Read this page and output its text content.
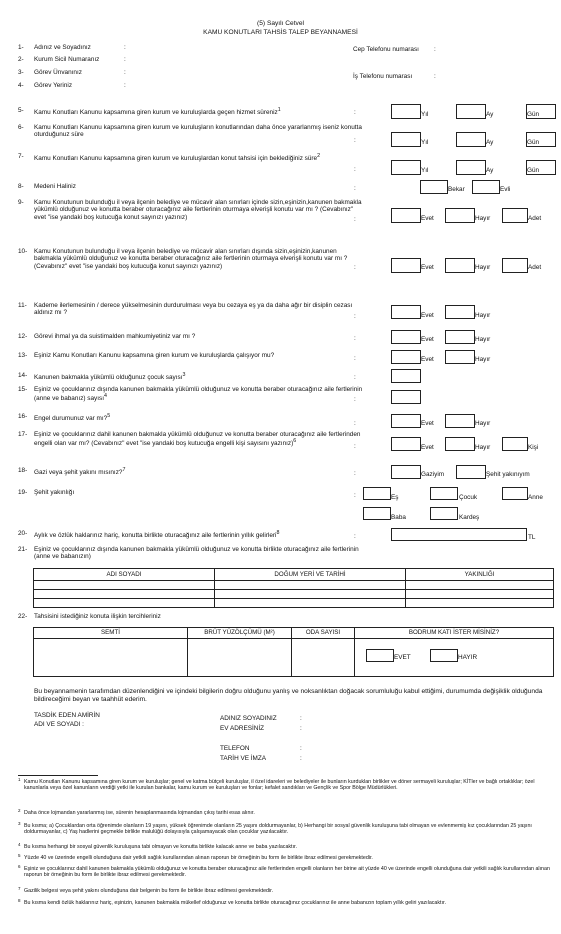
(5) Sayılı Cetvel
KAMU KONUTLARI TAHSİS TALEP BEYANNAMESİ
1- Adınız ve Soyadınız	:
2- Kurum Sicil Numaranız	:
3- Görev Ünvanınız	:
4- Görev Yeriniz	:
Cep Telefonu numarası :
İş Telefonu numarası	:
5- Kamu Konutları Kanunu kapsamına giren kurum ve kuruluşlarda geçen hizmet süreniz$^1$	:	Yıl	Ay	Gün
6- Kamu Konutları Kanunu kapsamına giren kurum ve kuruluşların konutlarından daha önce yararlanmış iseniz konutta oturduğunuz süre
:	Yıl	Ay	Gün
7- Kamu Konutları Kanunu kapsamına giren kurum ve kuruluşlardan konut tahsisi için beklediğiniz süre$^2$
:	Yıl	Ay	Gün
8- Medeni Haliniz	:	Bekar	Evli
9- Kamu Konutunun bulunduğu il veya ilçenin belediye ve mücavir alan sınırları içinde sizin,eşinizin,kanunen bakmakla yükümlü olduğunuz ve konutta beraber oturacağınız aile fertlerinin oturmaya elverişli konutu var mı ? (Cevabınız" evet "ise yandaki boş kutucuğa konut sayınızı yazınız)	:	Evet	Hayır	Adet
10- Kamu Konutunun bulunduğu il veya ilçenin belediye ve mücavir alan sınırları dışında sizin,eşinizin,kanunen bakmakla yükümlü olduğunuz ve konutta beraber oturacağınız aile fertlerinin oturmaya elverişli konutu var mı ? (Cevabınız" evet "ise yandaki boş kutucuğa konut sayınızı yazınız)	:	Evet	Hayır	Adet
11- Kademe ilerlemesinin / derece yükselmesinin durdurulması veya bu cezaya eş ya da daha ağır bir disiplin cezası aldınız mı ?
:	Evet	Hayır
12- Görevi ihmal ya da suistimalden mahkumiyetiniz var mı ?	:	Evet	Hayır
13- Eşiniz Kamu Konutları Kanunu kapsamına giren kurum ve kuruluşlarda çalışıyor mu?	:	Evet	Hayır
14- Kanunen bakmakla yükümlü olduğunuz çocuk sayısı$^3$	:
15- Eşiniz ve çocuklarınız dışında kanunen bakmakla yükümlü olduğunuz ve konutta beraber oturacağınız aile fertlerinin (anne ve babanız) sayısı$^4$	:
16- Engel durumunuz var mı?$^5$
:	Evet	Hayır
17- Eşiniz ve çocuklarınız dahil kanunen bakmakla yükümlü olduğunuz ve konutta beraber oturacağınız aile fertlerinden engelli olan var mı? (Cevabınız" evet "ise yandaki boş kutucuğa engelli kişi sayısını yazınız)$^6$
:	Evet	Hayır	Kişi
18- Gazi veya şehit yakını mısınız?$^7$	:	Gaziyim	Şehit yakınıyım
19- Şehit yakınlığı	:	Eş	Çocuk	Anne
Baba	Kardeş
20- Aylık ve özlük haklarınız hariç, konutta birlikte oturacağınız aile fertlerinin yıllık gelirleri$^8$	:	TL
21- Eşiniz ve çocuklarınız dışında kanunen bakmakla yükümlü olduğunuz ve konutta birlikte oturacağınız aile fertlerinin (anne ve babanızın)
ADI SOYADI	DOĞUM YERİ VE TARİHİ	YAKINLIĞI

22- Tahsisini istediğiniz konuta ilişkin tercihleriniz
SEMTİ	BRÜT YÜZÖLÇÜMÜ (M²)	ODA SAYISI	BODRUM KATI İSTER MİSİNİZ?

EVET	HAYIR
Bu beyannamenin tarafımdan düzenlendiğini ve içindeki bilgilerin doğru olduğunu yanlış ve noksanlıktan doğacak sorumluluğu kabul ettiğimi, durumumda değişiklik olduğunda bildireceğimi beyan ve taahhüt ederim.
TASDİK EDEN AMİRİN
ADI VE SOYADI :
ADINIZ SOYADINIZ	:
EV ADRESİNİZ	:
TELEFON	:
TARİH VE İMZA	:
1 Kamu Konutları Kanunu kapsamına giren kurum ve kuruluşlar; genel ve katma bütçeli kuruluşlar, il özel idareleri ve belediyeler ile bunların kurdukları birlikler ve döner sermayeli kuruluşlar; KİTler ve bağlı ortaklıklar; özel kanunlarla veya özel kanunların verdiği yetki ile kurulan bankalar, kamu kurum ve kuruluşları ve fonlar; kefalet sandıkları ve Gençlik ve Spor Bölge Müdürlükleri.
2 Daha önce lojmandan yararlanmış ise, sürenin hesaplanmasında lojmandan çıkış tarihi esas alınır.
3 Bu kısma; a) Çocuklardan orta öğrenimde olanların 19 yaşını, yüksek öğrenimde olanların 25 yaşını doldurmayanlar, b) Herhangi bir sosyal güvenlik kuruluşuna tabi olmayan ve evlenmemiş kız çocuklarından 25 yaşını doldurmayanlar, c) Yaş hadlerini geçmekle birlikte malulüğü dolayısıyla çalışamayacak olan çocuklar yazılacaktır.
4 Bu kısma herhangi bir sosyal güvenlik kuruluşuna tabi olmayan ve konutta birlikte kalacak anne ve baba yazılacaktır.
5 Yüzde 40 ve üzerinde engelli olunduğuna dair yetkili sağlık kurullarından alınan raporun bir örneğinin bu form ile birlikte ibraz edilmesi gerekmektedir.
6 Eşiniz ve çocuklarınız dahil kanunen bakmakla yükümlü olduğunuz ve konutta beraber oturacağınız aile fertlerinden engelli olanların her birine ait yüzde 40 ve üzerinde engelli olunduğuna dair yetkili sağlık kurullarından alınan raporun bir örneğinin bu form ile birlikte ibraz edilmesi gerekmektedir.
7 Gazilik belgesi veya şehit yakını olunduğuna dair belgenin bu form ile birlikte ibraz edilmesi gerekmektedir.
8 Bu kısma kendi özlük haklarınız hariç, eşinizin, kanunen bakmakla mükellef olduğunuz ve konutta birlikte oturacağınız çocuklarınız ile anne babanızın toplam yıllık geliri yazılacaktır.
